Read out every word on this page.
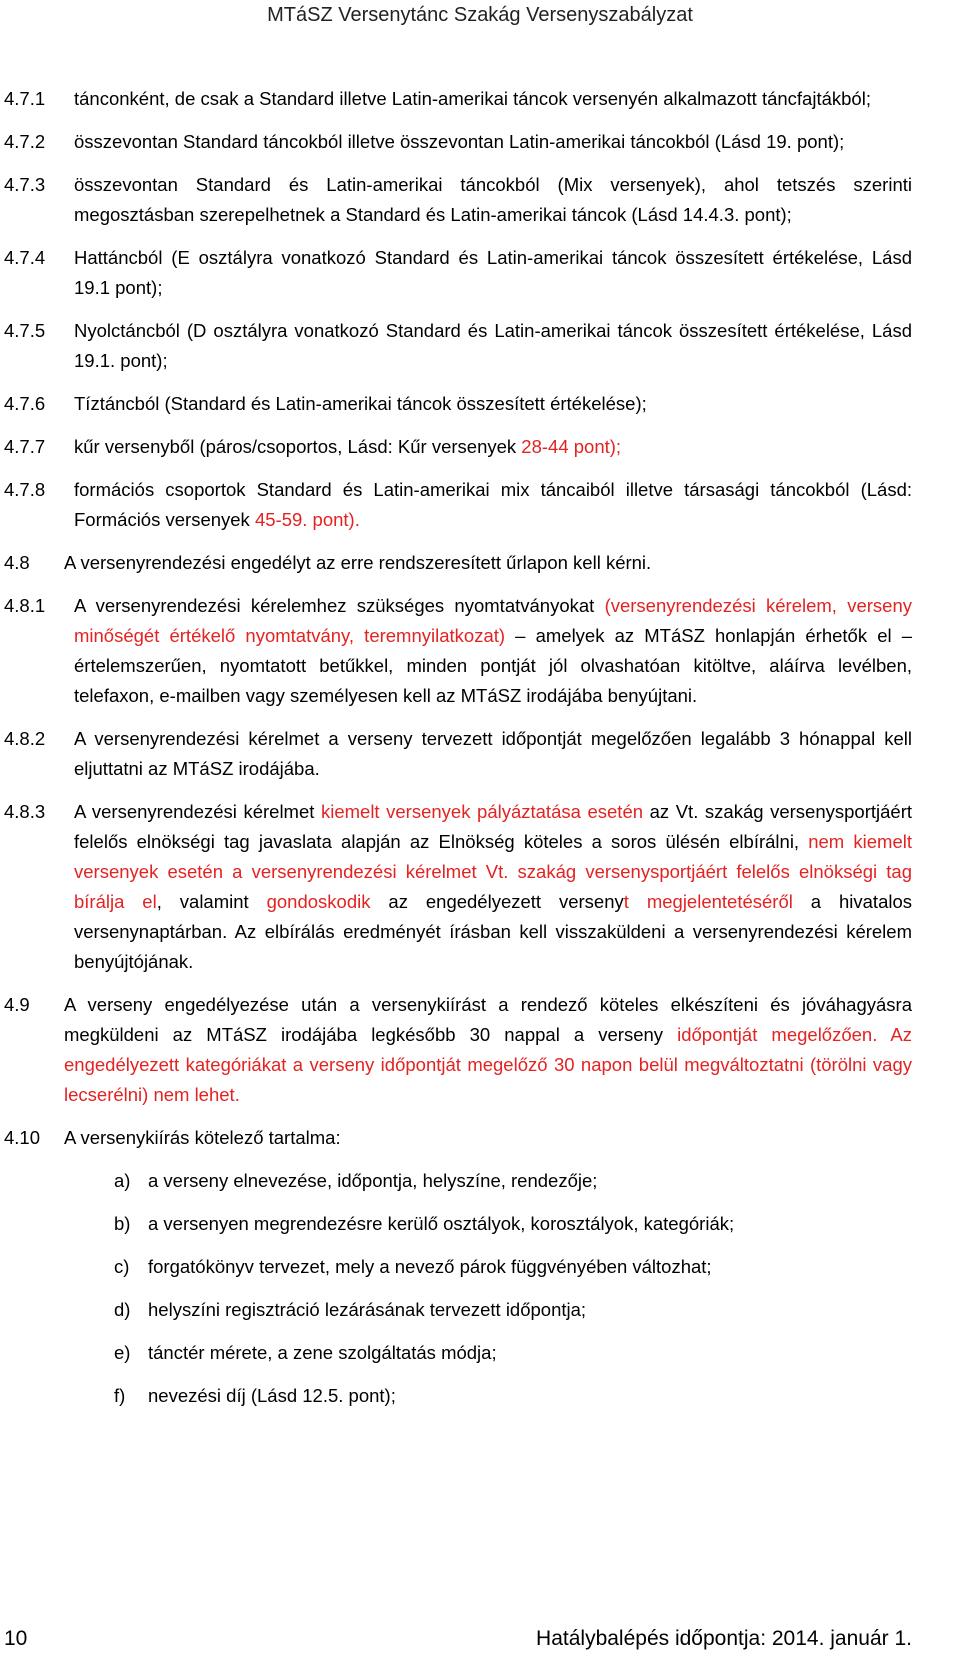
MTáSZ Versenytánc Szakág Versenyszabályzat
4.7.1	tánconként, de csak a Standard illetve Latin-amerikai táncok versenyén alkalmazott táncfajtákból;
4.7.2	összevontan Standard táncokból illetve összevontan Latin-amerikai táncokból (Lásd 19. pont);
4.7.3	összevontan Standard és Latin-amerikai táncokból (Mix versenyek), ahol tetszés szerinti megosztásban szerepelhetnek a Standard és Latin-amerikai táncok (Lásd 14.4.3. pont);
4.7.4	Hattáncból (E osztályra vonatkozó Standard és Latin-amerikai táncok összesített értékelése, Lásd 19.1 pont);
4.7.5	Nyolctáncból (D osztályra vonatkozó Standard és Latin-amerikai táncok összesített értékelése, Lásd 19.1. pont);
4.7.6	Tíztáncból (Standard és Latin-amerikai táncok összesített értékelése);
4.7.7	kűr versenyből (páros/csoportos, Lásd: Kűr versenyek 28-44 pont);
4.7.8	formációs csoportok Standard és Latin-amerikai mix táncaiból illetve társasági táncokból (Lásd: Formációs versenyek 45-59. pont).
4.8	A versenyrendezési engedélyt az erre rendszeresített űrlapon kell kérni.
4.8.1	A versenyrendezési kérelemhez szükséges nyomtatványokat (versenyrendezési kérelem, verseny minőségét értékelő nyomtatvány, teremnyilatkozat) – amelyek az MTáSZ honlapján érhetők el – értelemszerűen, nyomtatott betűkkel, minden pontját jól olvashatóan kitöltve, aláírva levélben, telefaxon, e-mailben vagy személyesen kell az MTáSZ irodájába benyújtani.
4.8.2	A versenyrendezési kérelmet a verseny tervezett időpontját megelőzően legalább 3 hónappal kell eljuttatni az MTáSZ irodájába.
4.8.3	A versenyrendezési kérelmet kiemelt versenyek pályáztatása esetén az Vt. szakág versenysportjáért felelős elnökségi tag javaslata alapján az Elnökség köteles a soros ülésén elbírálni, nem kiemelt versenyek esetén a versenyrendezési kérelmet Vt. szakág versenysportjáért felelős elnökségi tag bírálja el, valamint gondoskodik az engedélyezett versenyt megjelentetéséről a hivatalos versenynaptárban. Az elbírálás eredményét írásban kell visszaküldeni a versenyrendezési kérelem benyújtójának.
4.9	A verseny engedélyezése után a versenykiírást a rendező köteles elkészíteni és jóváhagyásra megküldeni az MTáSZ irodájába legkésőbb 30 nappal a verseny időpontját megelőzően. Az engedélyezett kategóriákat a verseny időpontját megelőző 30 napon belül megváltoztatni (törölni vagy lecserélni) nem lehet.
4.10	A versenykiírás kötelező tartalma:
a) a verseny elnevezése, időpontja, helyszíne, rendezője;
b) a versenyen megrendezésre kerülő osztályok, korosztályok, kategóriák;
c)	forgatókönyv tervezet, mely a nevező párok függvényében változhat;
d) helyszíni regisztráció lezárásának tervezett időpontja;
e) tánctér mérete, a zene szolgáltatás módja;
f)	nevezési díj (Lásd 12.5. pont);
10	Hatálybalépés időpontja: 2014. január 1.
